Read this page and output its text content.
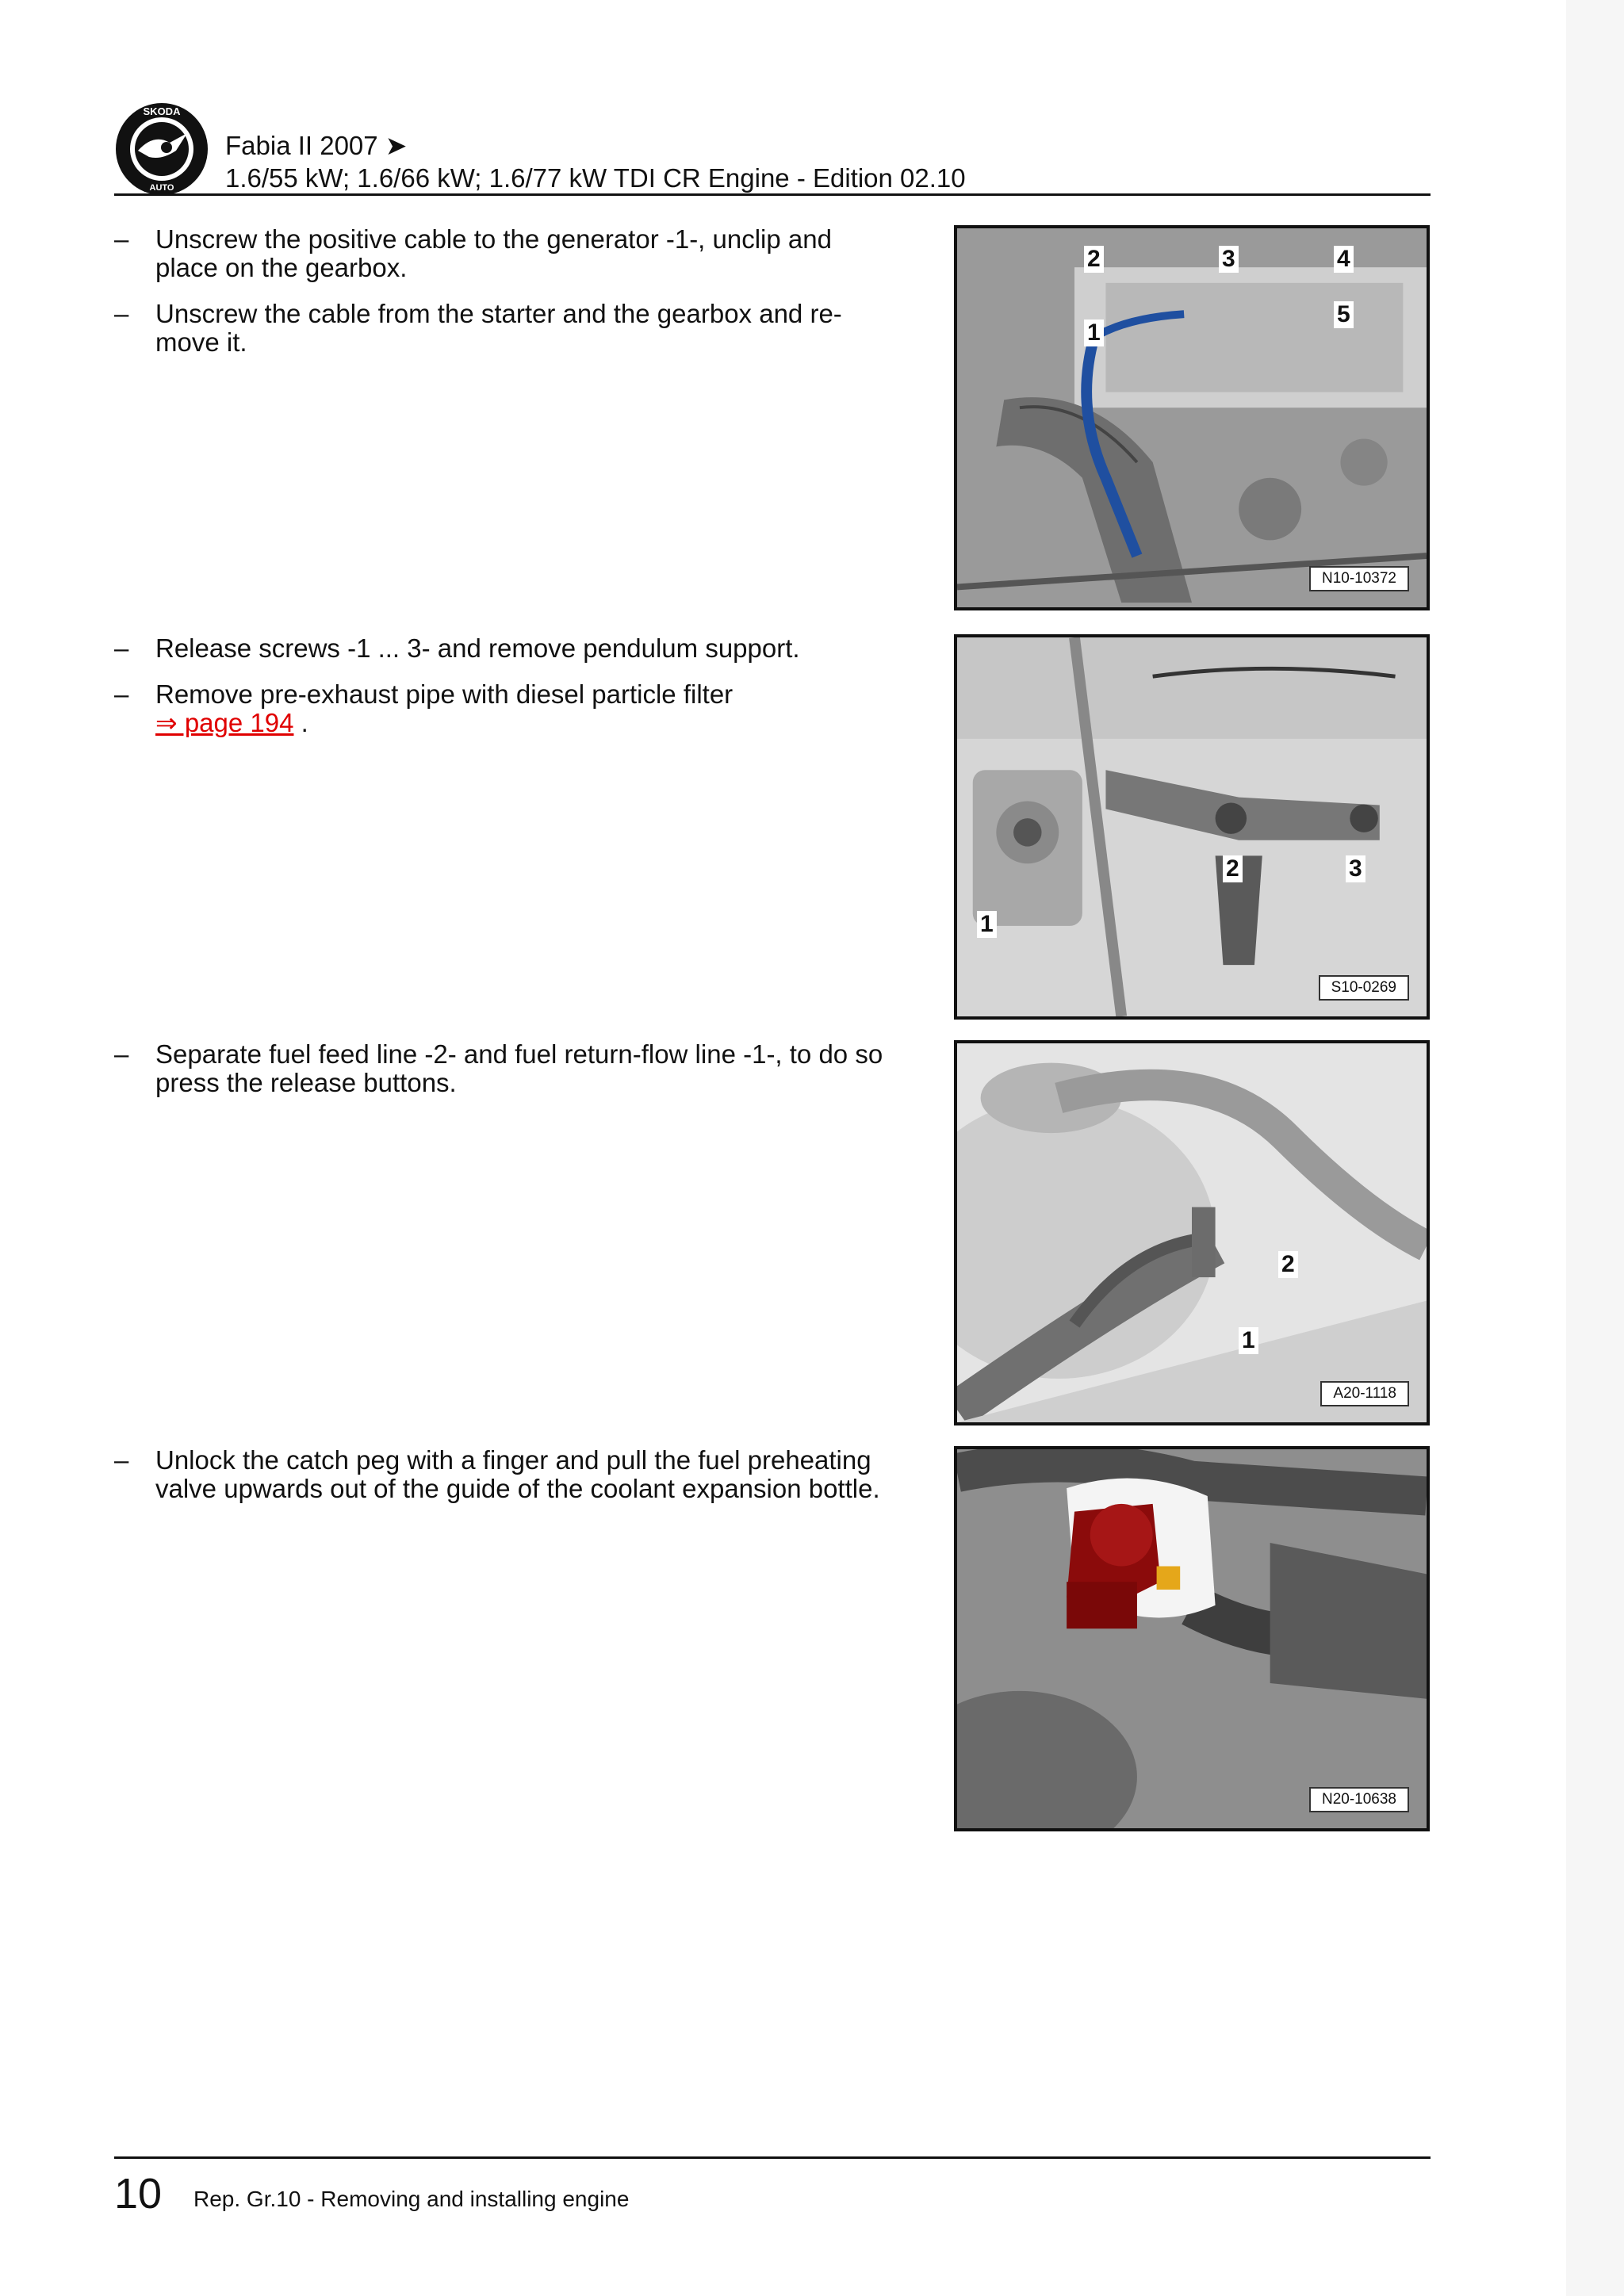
SKODA
AUTO
Fabia II 2007 ➤
1.6/55 kW; 1.6/66 kW; 1.6/77 kW TDI CR Engine - Edition 02.10
–	Unscrew the positive cable to the generator -1-, unclip and place on the gearbox.
–	Unscrew the cable from the starter and the gearbox and re-move it.
–	Release screws -1 ... 3- and remove pendulum support.
–	Remove pre-exhaust pipe with diesel particle filter
⇒ page 194 .
–	Separate fuel feed line -2- and fuel return-flow line -1-, to do so press the release buttons.
–	Unlock the catch peg with a finger and pull the fuel preheating valve upwards out of the guide of the coolant expansion bottle.
2	3	4
5
1
N10-10372
1
2	3
S10-0269
2
1
A20-1118
N20-10638
10 Rep. Gr.10 - Removing and installing engine
